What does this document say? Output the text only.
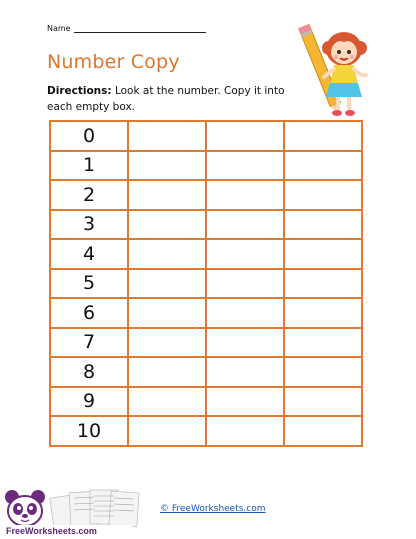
Name
Number Copy
Directions: Look at the number. Copy it into each empty box.
0			
1			
2			
3			
4			
5			
6			
7			
8			
9			
10			
FreeWorksheets.com
© FreeWorksheets.com
